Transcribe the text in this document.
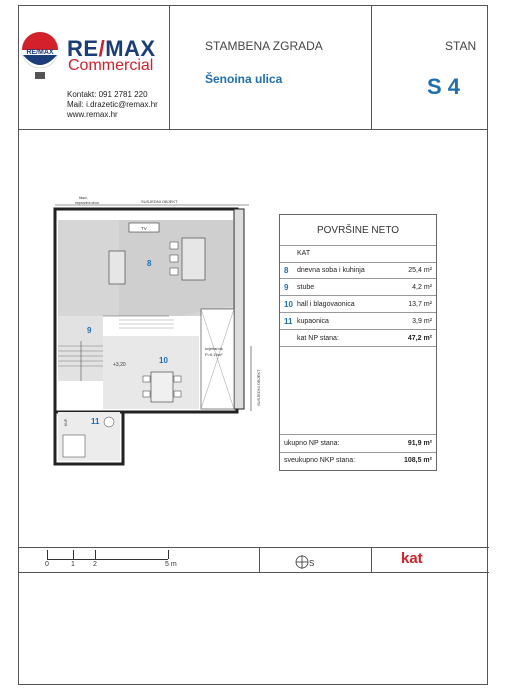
RE/MAX RE/MAX
Commercial
Kontakt: 091 2781 220
Mail: i.drazetic@remax.hr
www.remax.hr
STAMBENA ZGRADA
Šenoina ulica
STAN
S 4
SUSJEDNI OBJEKT
fiksni,
neprozirni otvor
TV
8
9
10
+3,20
svjetlarnik
P=6,16m²
SUSJEDNI OBJEKT
11
KUP.
POVRŠINE NETO
KAT
8 dnevna soba i kuhinja	25,4 m²
9 stube	4,2 m²
10 hall i blagovaonica	13,7 m²
11 kupaonica	3,9 m²
kat NP stana:	47,2 m²
ukupno NP stana:	91,9 m²
sveukupno NKP stana:	108,5 m²
0	1	2	5 m	S	kat
